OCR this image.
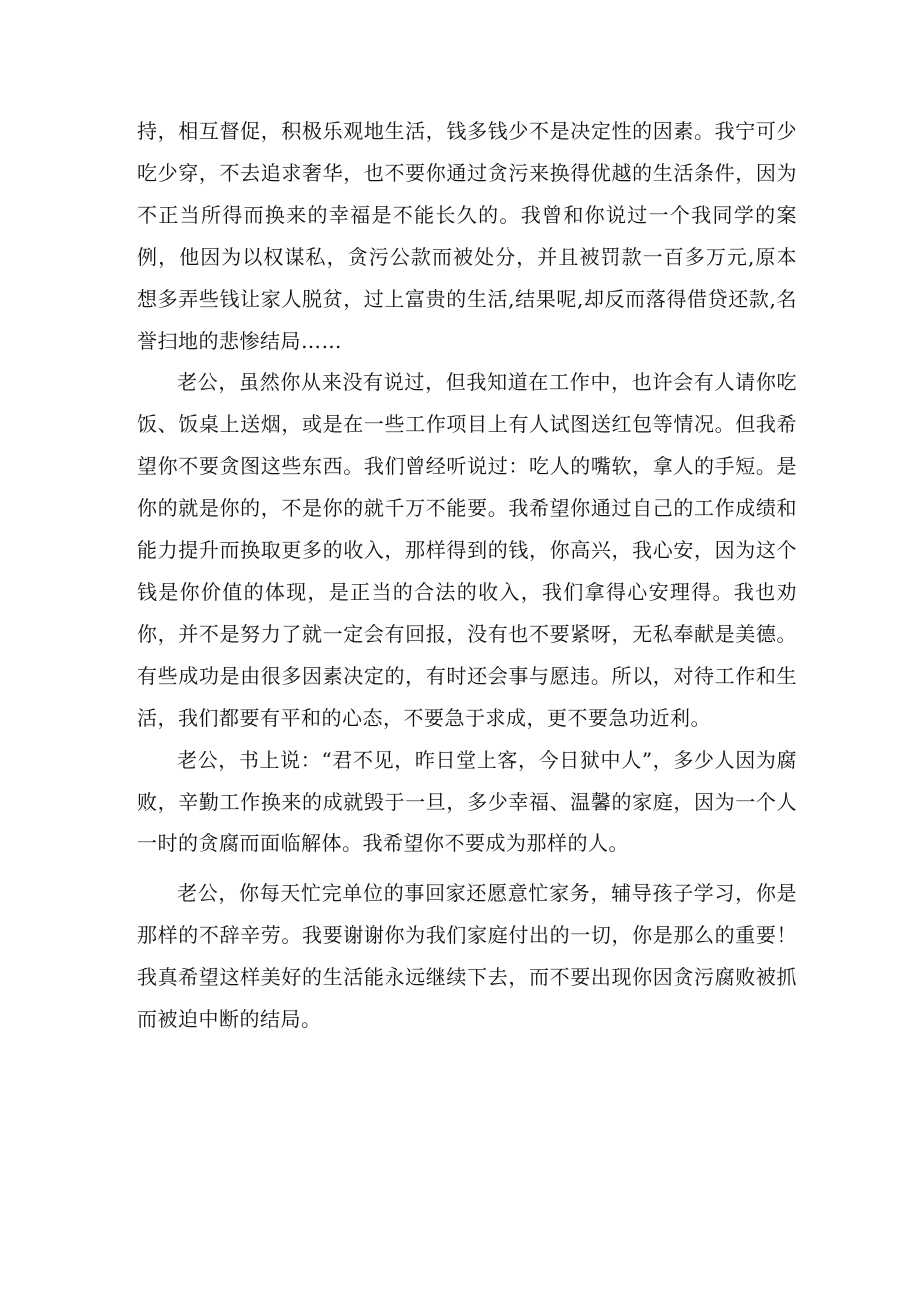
持，相互督促，积极乐观地生活，钱多钱少不是决定性的因素。我宁可少吃少穿，不去追求奢华，也不要你通过贪污来换得优越的生活条件，因为不正当所得而换来的幸福是不能长久的。我曾和你说过一个我同学的案例，他因为以权谋私，贪污公款而被处分，并且被罚款一百多万元,原本想多弄些钱让家人脱贫，过上富贵的生活,结果呢,却反而落得借贷还款,名誉扫地的悲惨结局……

老公，虽然你从来没有说过，但我知道在工作中，也许会有人请你吃饭、饭桌上送烟，或是在一些工作项目上有人试图送红包等情况。但我希望你不要贪图这些东西。我们曾经听说过：吃人的嘴软，拿人的手短。是你的就是你的，不是你的就千万不能要。我希望你通过自己的工作成绩和能力提升而换取更多的收入，那样得到的钱，你高兴，我心安，因为这个钱是你价值的体现，是正当的合法的收入，我们拿得心安理得。我也劝你，并不是努力了就一定会有回报，没有也不要紧呀，无私奉献是美德。有些成功是由很多因素决定的，有时还会事与愿违。所以，对待工作和生活，我们都要有平和的心态，不要急于求成，更不要急功近利。

老公，书上说：“君不见，昨日堂上客，今日狱中人”，多少人因为腐败，辛勤工作换来的成就毁于一旦，多少幸福、温馨的家庭，因为一个人一时的贪腐而面临解体。我希望你不要成为那样的人。

老公，你每天忙完单位的事回家还愿意忙家务，辅导孩子学习，你是那样的不辞辛劳。我要谢谢你为我们家庭付出的一切，你是那么的重要！我真希望这样美好的生活能永远继续下去，而不要出现你因贪污腐败被抓而被迫中断的结局。
